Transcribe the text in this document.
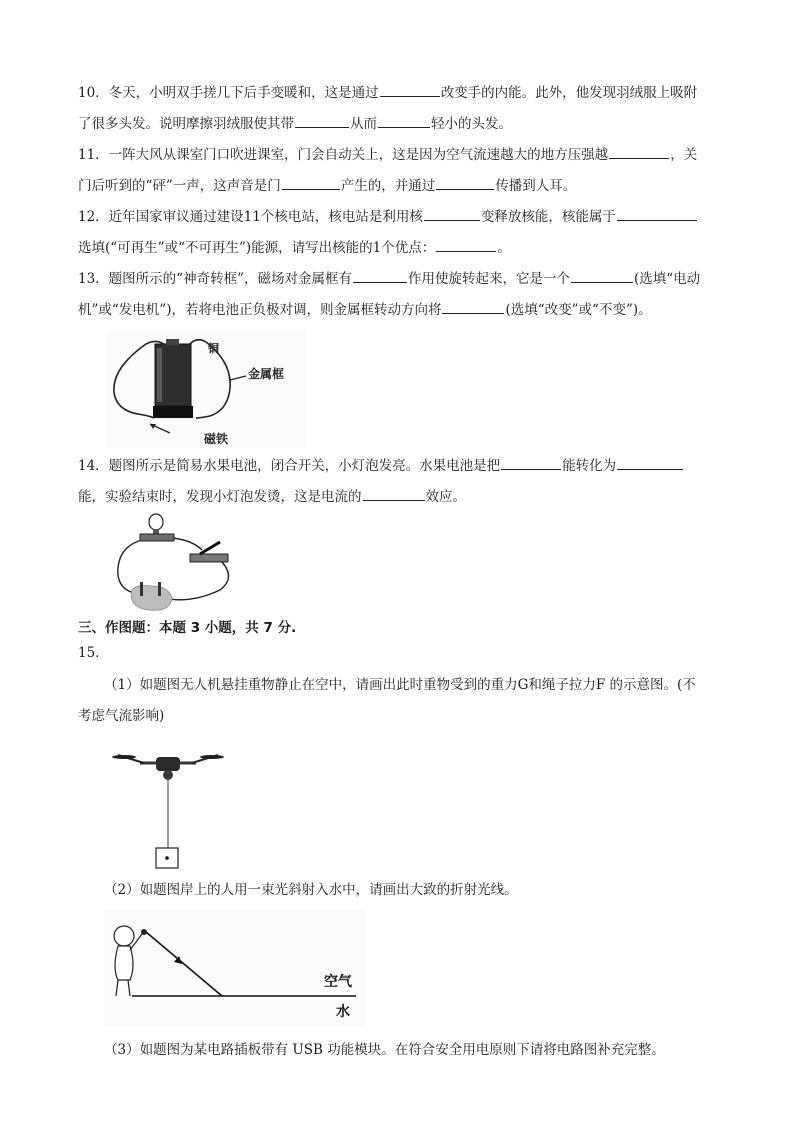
10．冬天，小明双手搓几下后手变暖和，这是通过	改变手的内能。此外，他发现羽绒服上吸附
了很多头发。说明摩擦羽绒服使其带	从而	轻小的头发。
11．一阵大风从课室门口吹进课室，门会自动关上，这是因为空气流速越大的地方压强越	，关
门后听到的“砰”一声，这声音是门	产生的，并通过	传播到人耳。
12．近年国家审议通过建设11个核电站，核电站是利用核	变释放核能，核能属于
选填(“可再生”或“不可再生”)能源，请写出核能的1个优点：	。
13．题图所示的“神奇转框”，磁场对金属框有	作用使旋转起来，它是一个	(选填“电动
机”或“发电机”)，若将电池正负极对调，则金属框转动方向将	(选填“改变”或“不变”)。
铜
金属框
磁铁
14．题图所示是简易水果电池，闭合开关，小灯泡发亮。水果电池是把	能转化为
能，实验结束时，发现小灯泡发烫，这是电流的	效应。
三、作图题：本题 3 小题，共 7 分.
15．
（1）如题图无人机悬挂重物静止在空中，请画出此时重物受到的重力G和绳子拉力F 的示意图。(不
考虑气流影响)
（2）如题图岸上的人用一束光斜射入水中，请画出大致的折射光线。
空气
水
（3）如题图为某电路插板带有 USB 功能模块。在符合安全用电原则下请将电路图补充完整。
